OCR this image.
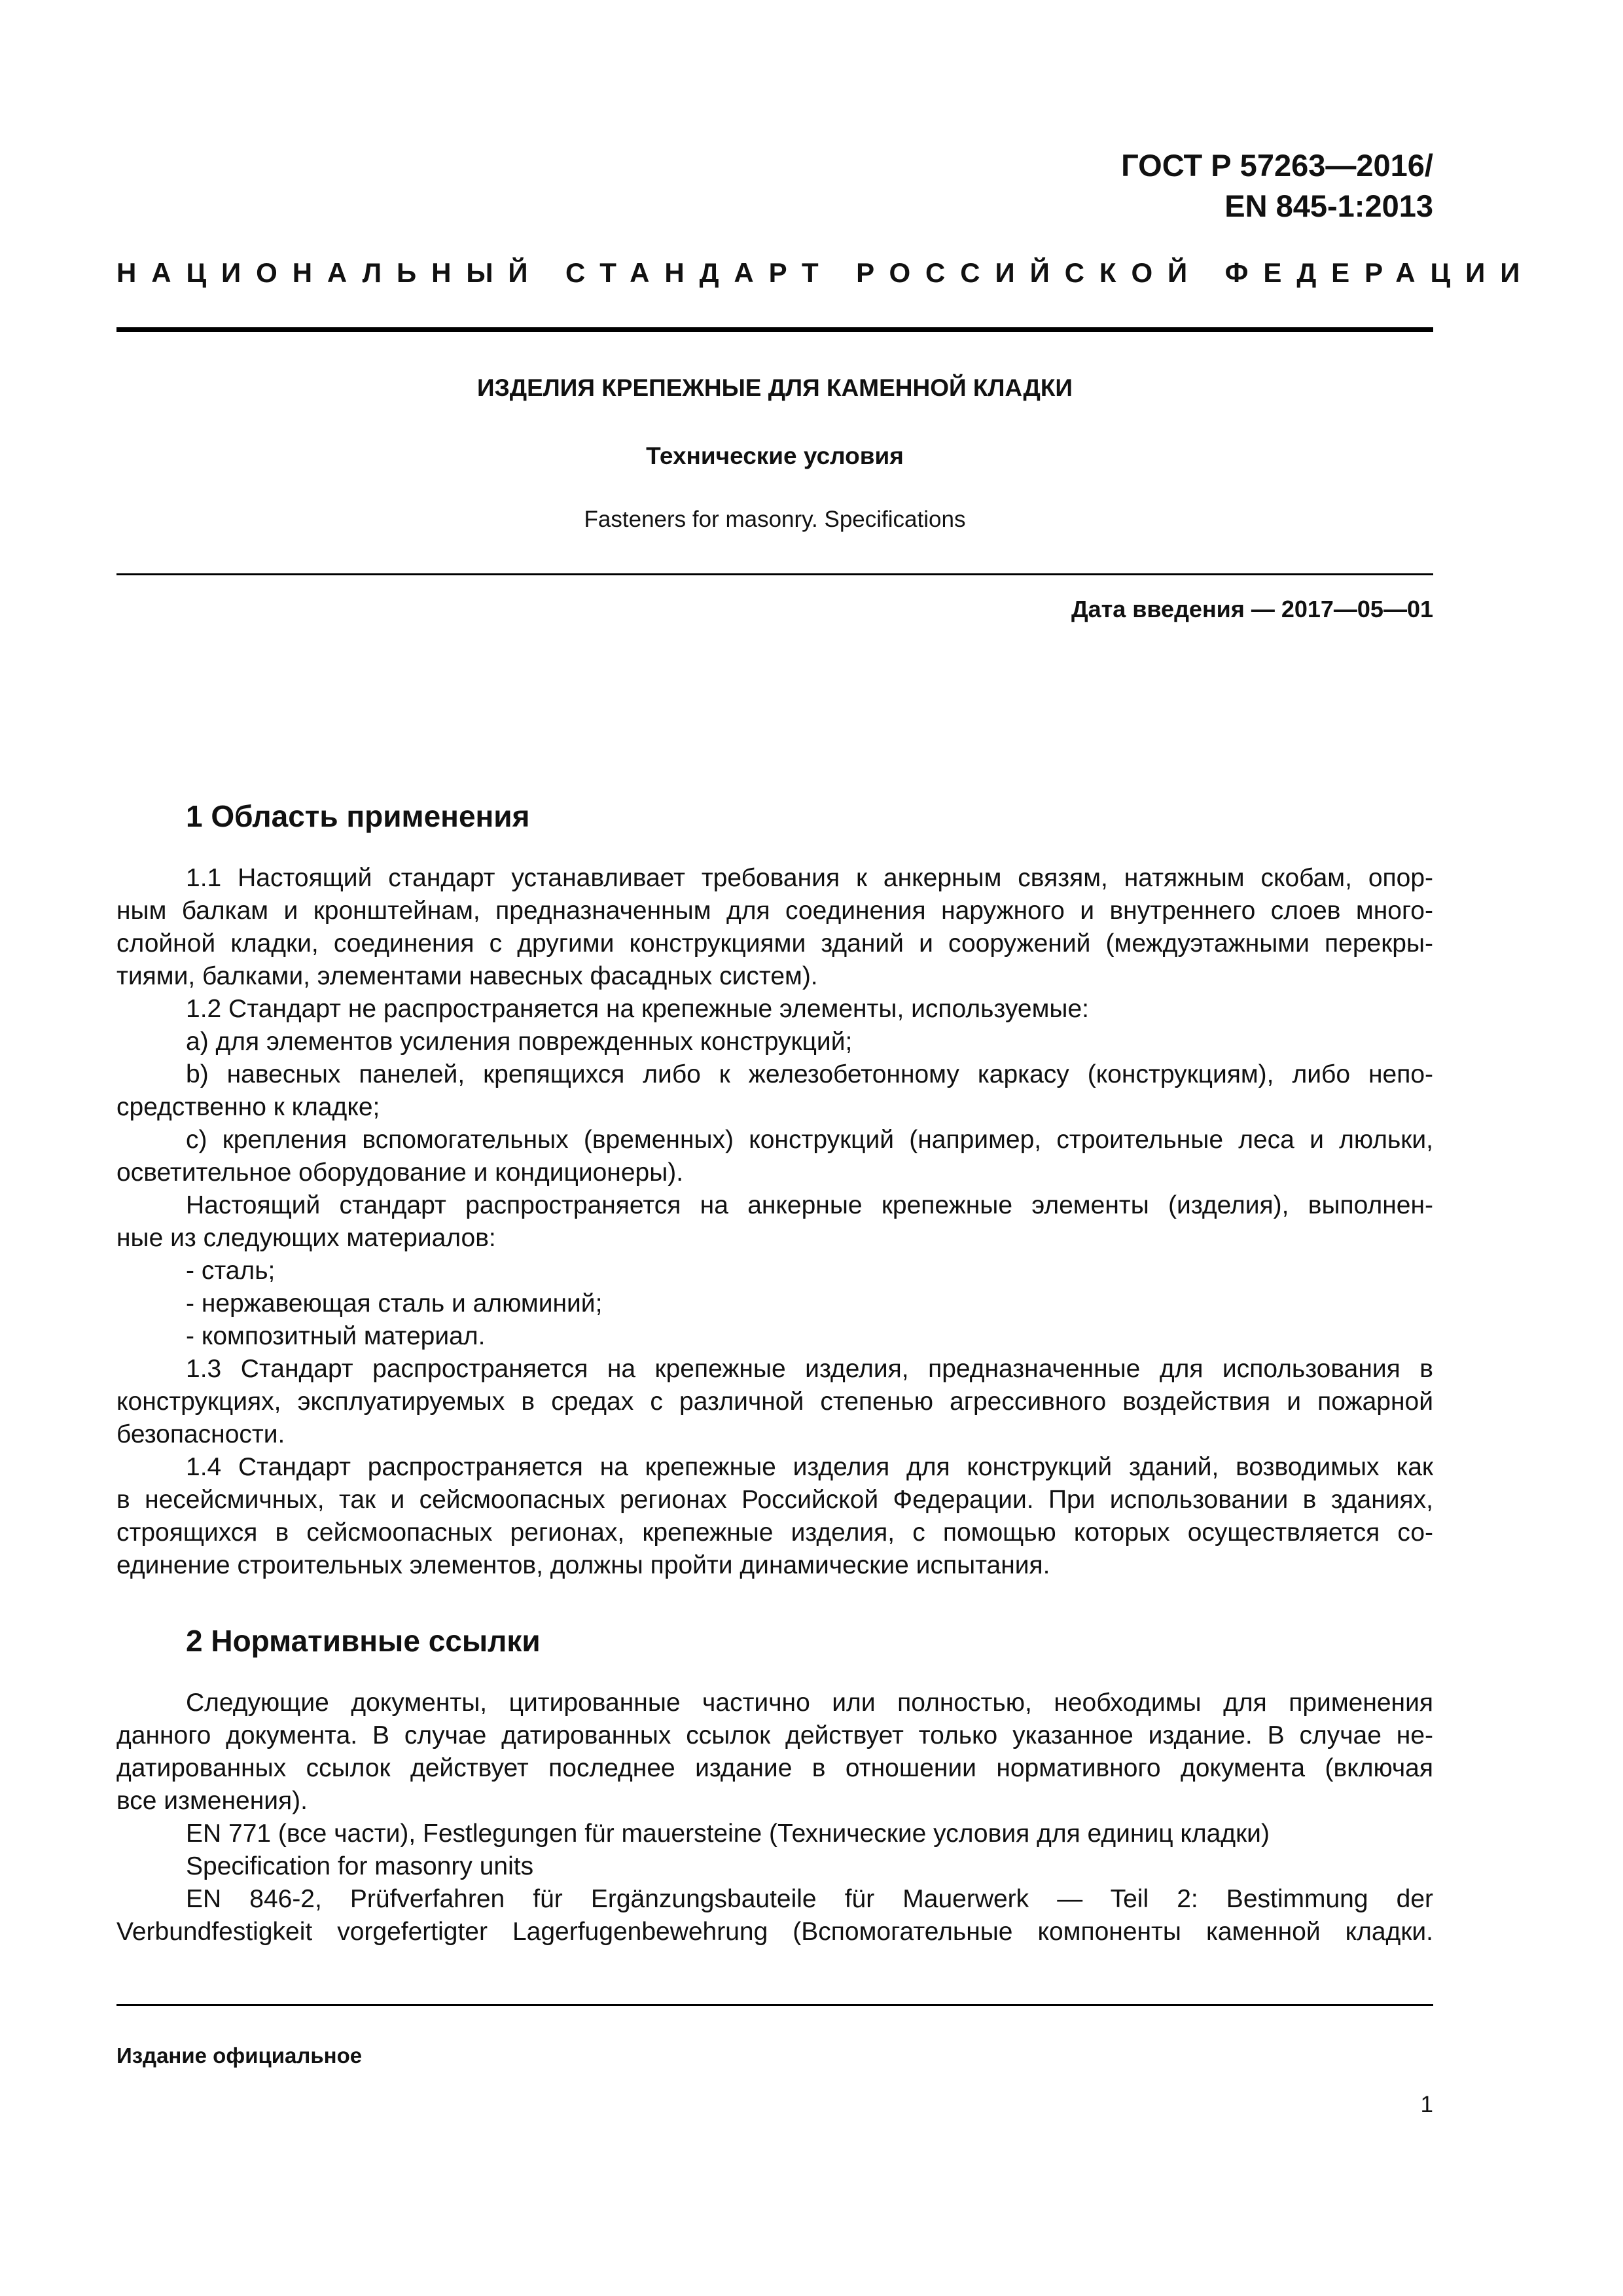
ГОСТ Р 57263—2016/
EN 845-1:2013
НАЦИОНАЛЬНЫЙ СТАНДАРТ РОССИЙСКОЙ ФЕДЕРАЦИИ
ИЗДЕЛИЯ КРЕПЕЖНЫЕ ДЛЯ КАМЕННОЙ КЛАДКИ
Технические условия
Fasteners for masonry. Specifications
Дата введения — 2017—05—01
1 Область применения
1.1 Настоящий стандарт устанавливает требования к анкерным связям, натяжным скобам, опор-
ным балкам и кронштейнам, предназначенным для соединения наружного и внутреннего слоев много-
слойной кладки, соединения с другими конструкциями зданий и сооружений (междуэтажными перекры-
тиями, балками, элементами навесных фасадных систем).
1.2 Стандарт не распространяется на крепежные элементы, используемые:
а) для элементов усиления поврежденных конструкций;
b) навесных панелей, крепящихся либо к железобетонному каркасу (конструкциям), либо непо-
средственно к кладке;
с) крепления вспомогательных (временных) конструкций (например, строительные леса и люльки,
осветительное оборудование и кондиционеры).
Настоящий стандарт распространяется на анкерные крепежные элементы (изделия), выполнен-
ные из следующих материалов:
- сталь;
- нержавеющая сталь и алюминий;
- композитный материал.
1.3 Стандарт распространяется на крепежные изделия, предназначенные для использования в
конструкциях, эксплуатируемых в средах с различной степенью агрессивного воздействия и пожарной
безопасности.
1.4 Стандарт распространяется на крепежные изделия для конструкций зданий, возводимых как
в несейсмичных, так и сейсмоопасных регионах Российской Федерации. При использовании в зданиях,
строящихся в сейсмоопасных регионах, крепежные изделия, с помощью которых осуществляется со-
единение строительных элементов, должны пройти динамические испытания.
2 Нормативные ссылки
Следующие документы, цитированные частично или полностью, необходимы для применения
данного документа. В случае датированных ссылок действует только указанное издание. В случае не-
датированных ссылок действует последнее издание в отношении нормативного документа (включая
все изменения).
EN 771 (все части), Festlegungen für mauersteine (Технические условия для единиц кладки)
Specification for masonry units
EN 846-2, Prüfverfahren für Ergänzungsbauteile für Mauerwerk — Teil 2: Bestimmung der
Verbundfestigkeit vorgefertigter Lagerfugenbewehrung (Вспомогательные компоненты каменной кладки.
Издание официальное
1
